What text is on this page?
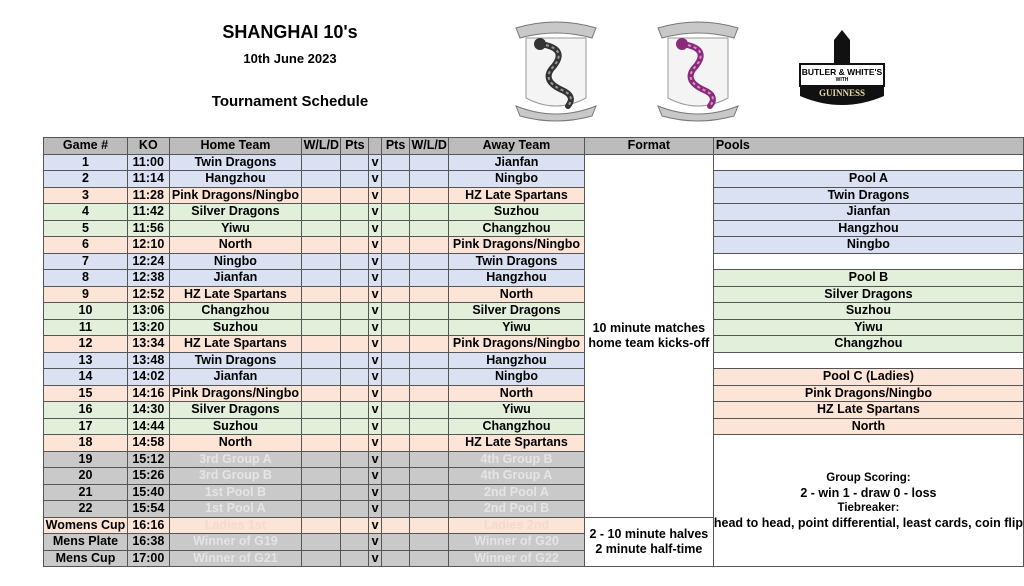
SHANGHAI 10's
10th June 2023
Tournament Schedule
BUTLER & WHITE'S
WITH
GUINNESS
Game #	KO	Home Team	W/L/D	Pts		Pts	W/L/D	Away Team	Format	Pools
1	11:00	Twin Dragons			v			Jianfan	10 minute matches
home team kicks-off	

2	11:14	Hangzhou			v			Ningbo		Pool A
3	11:28	Pink Dragons/Ningbo			v			HZ Late Spartans		Twin Dragons
4	11:42	Silver Dragons			v			Suzhou		Jianfan
5	11:56	Yiwu			v			Changzhou		Hangzhou
6	12:10	North			v			Pink Dragons/Ningbo		Ningbo
7	12:24	Ningbo			v			Twin Dragons		
8	12:38	Jianfan			v			Hangzhou		Pool B
9	12:52	HZ Late Spartans			v			North		Silver Dragons
10	13:06	Changzhou			v			Silver Dragons		Suzhou
11	13:20	Suzhou			v			Yiwu		Yiwu
12	13:34	HZ Late Spartans			v			Pink Dragons/Ningbo		Changzhou
13	13:48	Twin Dragons			v			Hangzhou		
14	14:02	Jianfan			v			Ningbo		Pool C (Ladies)
15	14:16	Pink Dragons/Ningbo			v			North		Pink Dragons/Ningbo
16	14:30	Silver Dragons			v			Yiwu		HZ Late Spartans
17	14:44	Suzhou			v			Changzhou		North
18	14:58	North			v			HZ Late Spartans		Group Scoring:
2 - win 1 - draw 0 - loss
Tiebreaker:
head to head, point differential, least cards, coin flip

19	15:12	3rd Group A			v			4th Group B		
20	15:26	3rd Group B			v			4th Group A		
21	15:40	1st Pool B			v			2nd Pool A		
22	15:54	1st Pool A			v			2nd Pool B		
Womens Cup	16:16	Ladies 1st			v			Ladies 2nd	2 - 10 minute halves
2 minute half-time	

Mens Plate	16:38	Winner of G19			v			Winner of G20		
Mens Cup	17:00	Winner of G21			v			Winner of G22		
